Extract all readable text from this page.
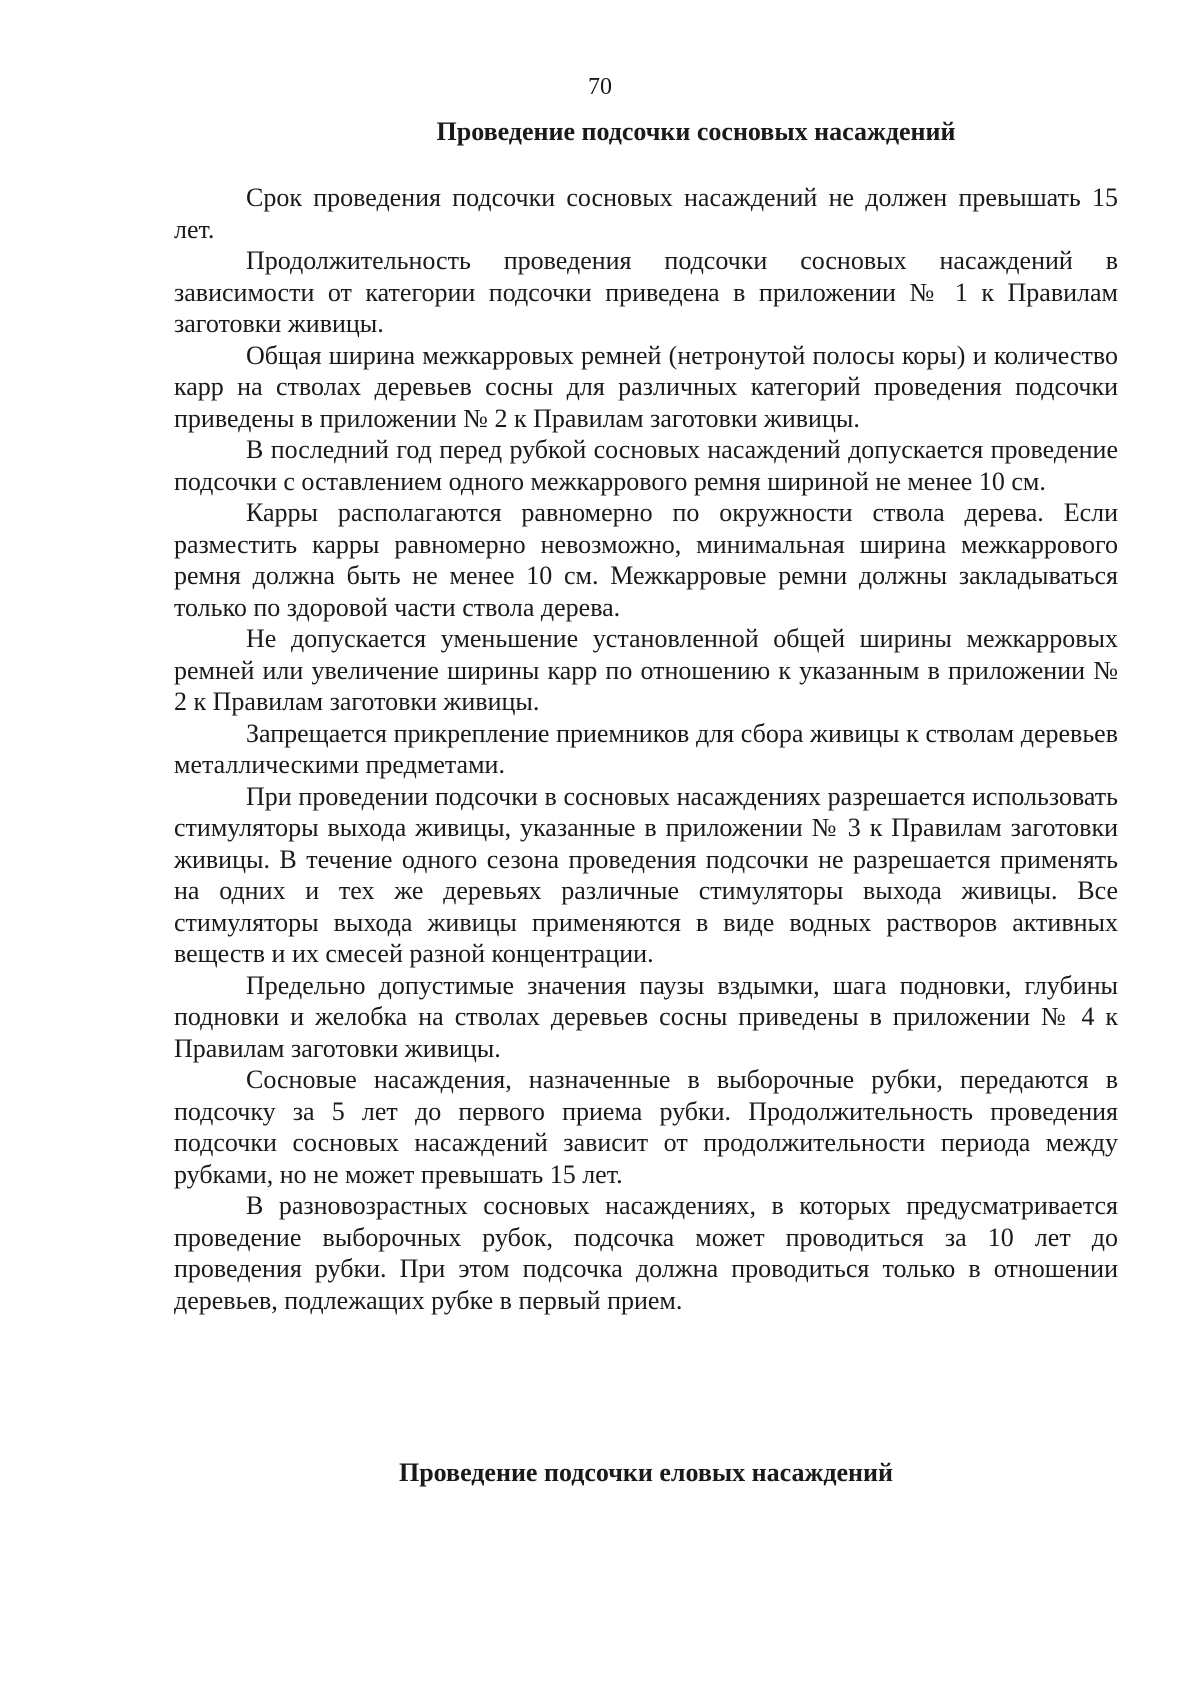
70

Проведение подсочки сосновых насаждений

Срок проведения подсочки сосновых насаждений не должен превышать 15 лет.

Продолжительность проведения подсочки сосновых насаждений в зависимости от категории подсочки приведена в приложении № 1 к Правилам заготовки живицы.

Общая ширина межкарровых ремней (нетронутой полосы коры) и количество карр на стволах деревьев сосны для различных категорий проведения подсочки приведены в приложении № 2 к Правилам заготовки живицы.

В последний год перед рубкой сосновых насаждений допускается проведение подсочки с оставлением одного межкаррового ремня шириной не менее 10 см.

Карры располагаются равномерно по окружности ствола дерева. Если разместить карры равномерно невозможно, минимальная ширина межкаррового ремня должна быть не менее 10 см. Межкарровые ремни должны закладываться только по здоровой части ствола дерева.

Не допускается уменьшение установленной общей ширины межкарровых ремней или увеличение ширины карр по отношению к указанным в приложении № 2 к Правилам заготовки живицы.

Запрещается прикрепление приемников для сбора живицы к стволам деревьев металлическими предметами.

При проведении подсочки в сосновых насаждениях разрешается использовать стимуляторы выхода живицы, указанные в приложении № 3 к Правилам заготовки живицы. В течение одного сезона проведения подсочки не разрешается применять на одних и тех же деревьях различные стимуляторы выхода живицы. Все стимуляторы выхода живицы применяются в виде водных растворов активных веществ и их смесей разной концентрации.

Предельно допустимые значения паузы вздымки, шага подновки, глубины подновки и желобка на стволах деревьев сосны приведены в приложении № 4 к Правилам заготовки живицы.

Сосновые насаждения, назначенные в выборочные рубки, передаются в подсочку за 5 лет до первого приема рубки. Продолжительность проведения подсочки сосновых насаждений зависит от продолжительности периода между рубками, но не может превышать 15 лет.

В разновозрастных сосновых насаждениях, в которых предусматривается проведение выборочных рубок, подсочка может проводиться за 10 лет до проведения рубки. При этом подсочка должна проводиться только в отношении деревьев, подлежащих рубке в первый прием.

Проведение подсочки еловых насаждений
